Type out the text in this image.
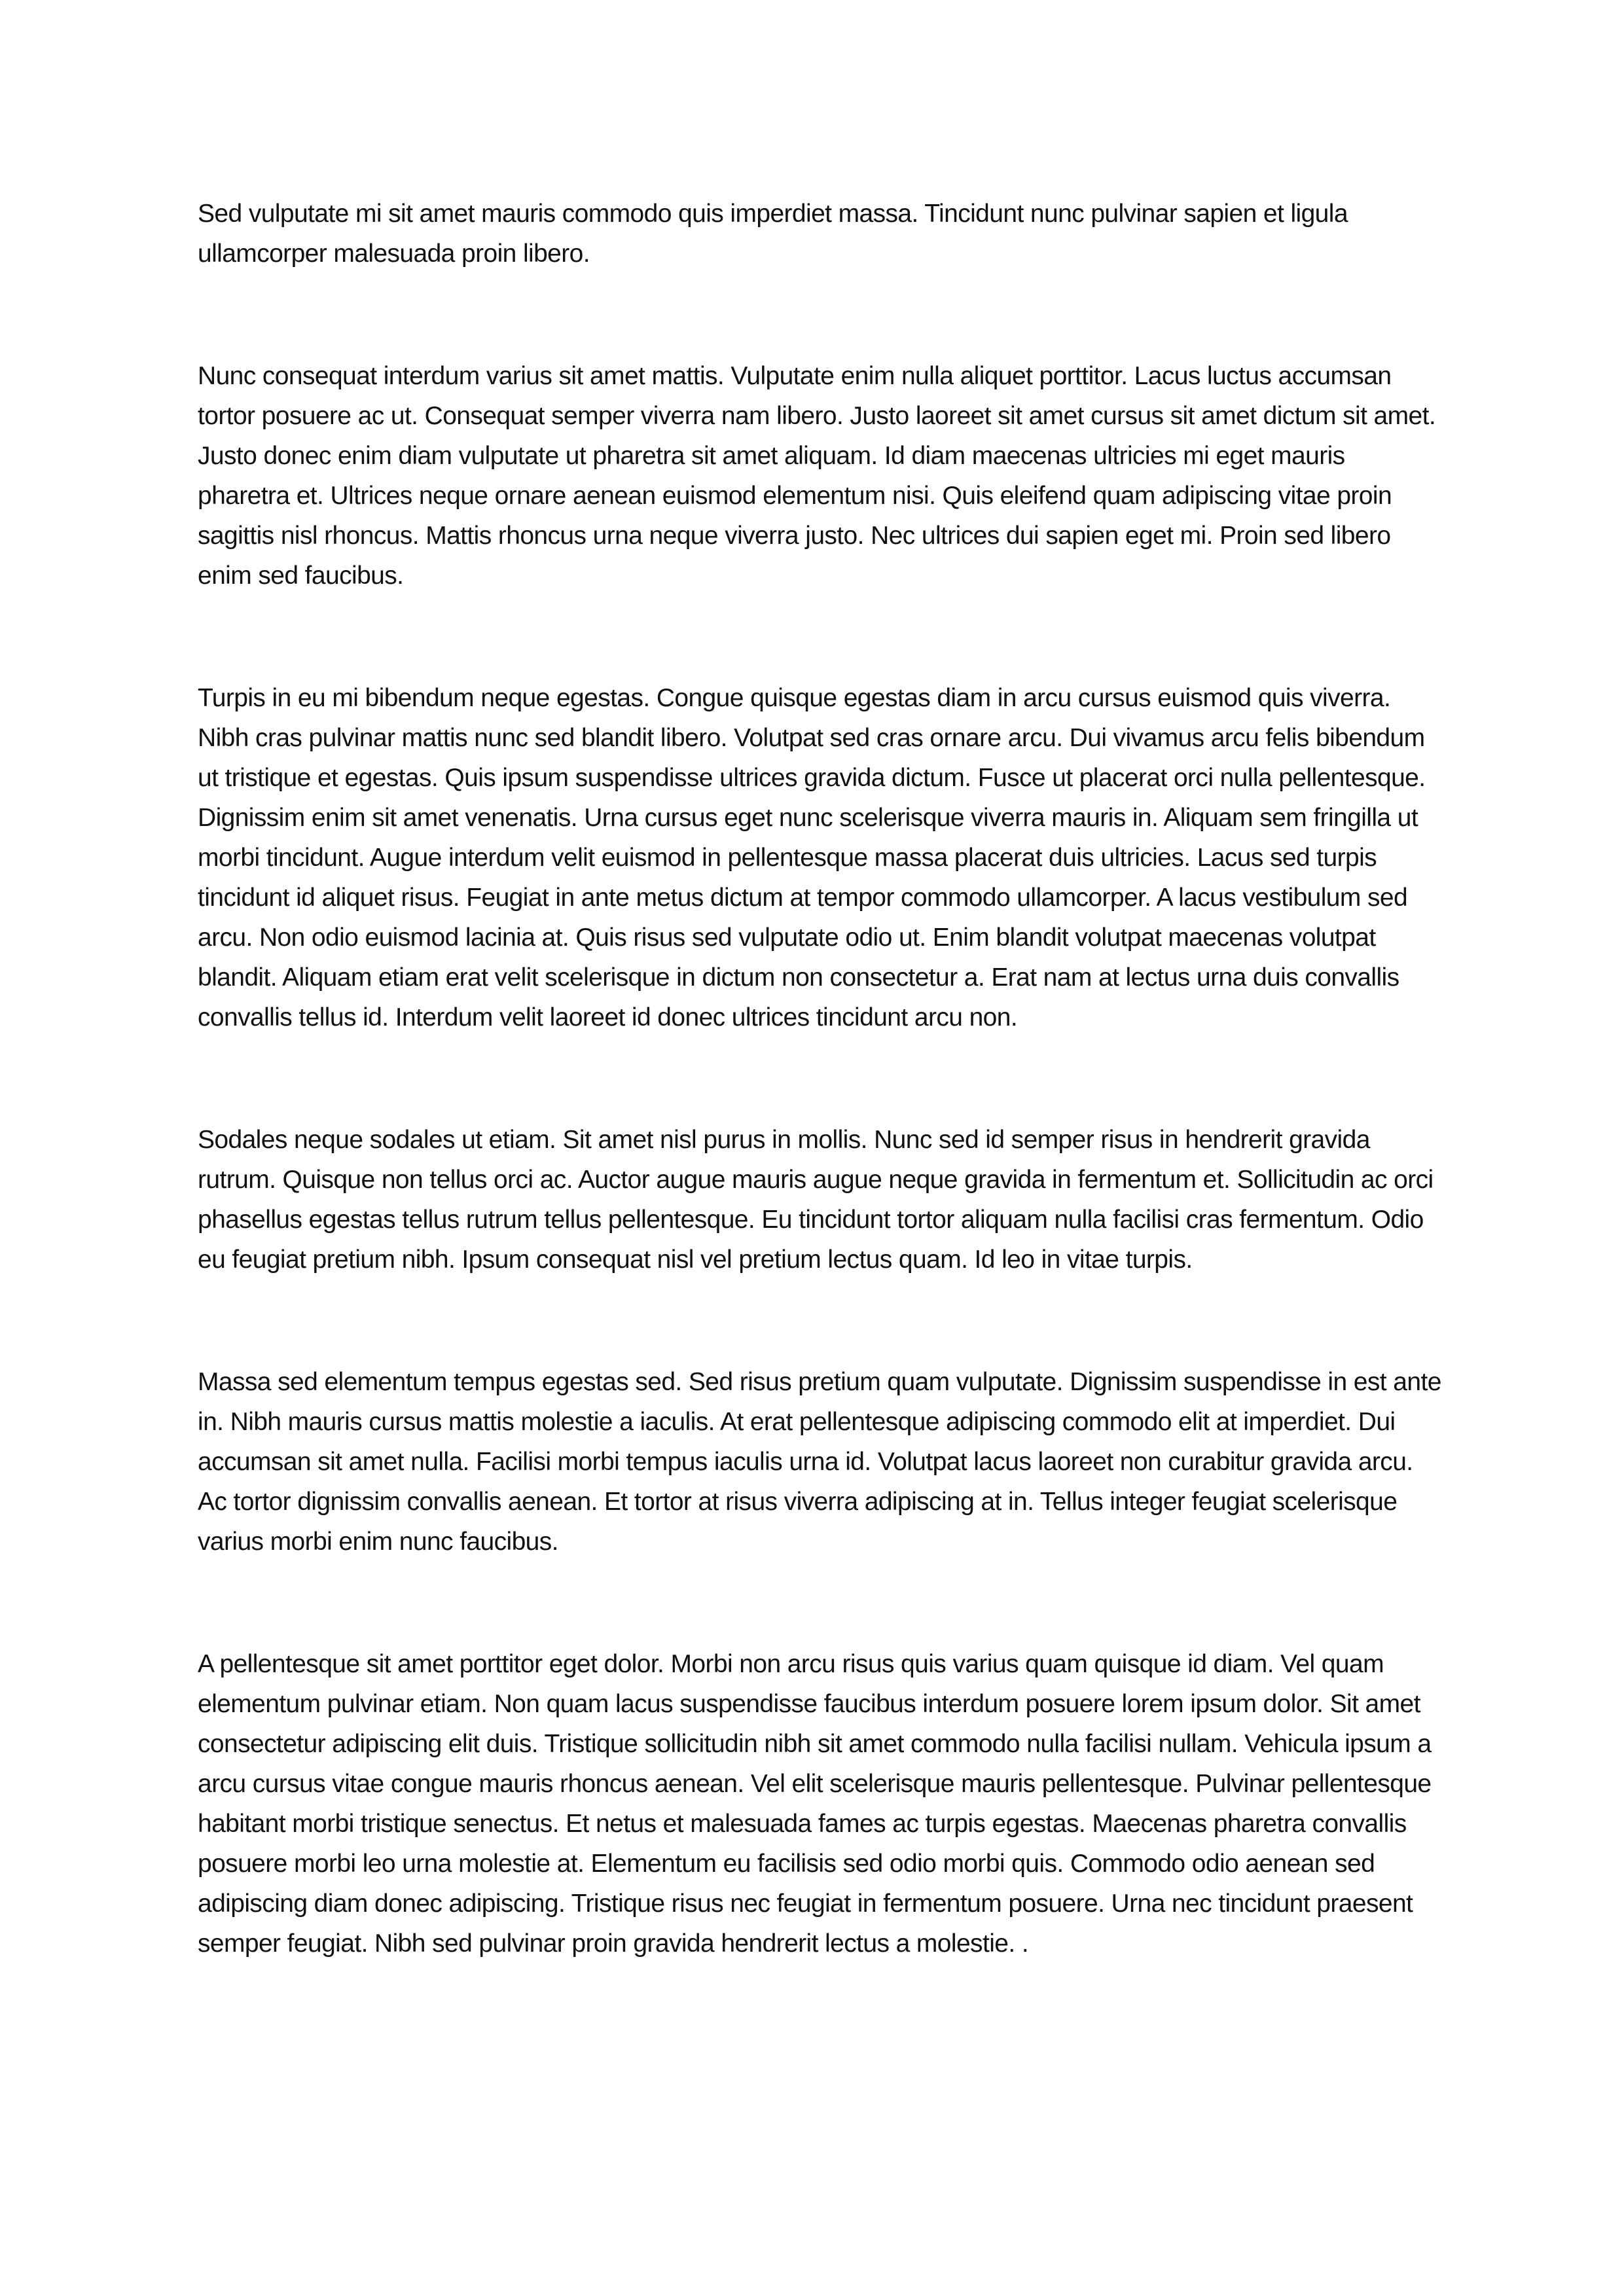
Sed vulputate mi sit amet mauris commodo quis imperdiet massa. Tincidunt nunc pulvinar sapien et ligula ullamcorper malesuada proin libero.

Nunc consequat interdum varius sit amet mattis. Vulputate enim nulla aliquet porttitor. Lacus luctus accumsan tortor posuere ac ut. Consequat semper viverra nam libero. Justo laoreet sit amet cursus sit amet dictum sit amet. Justo donec enim diam vulputate ut pharetra sit amet aliquam. Id diam maecenas ultricies mi eget mauris pharetra et. Ultrices neque ornare aenean euismod elementum nisi. Quis eleifend quam adipiscing vitae proin sagittis nisl rhoncus. Mattis rhoncus urna neque viverra justo. Nec ultrices dui sapien eget mi. Proin sed libero enim sed faucibus.

Turpis in eu mi bibendum neque egestas. Congue quisque egestas diam in arcu cursus euismod quis viverra. Nibh cras pulvinar mattis nunc sed blandit libero. Volutpat sed cras ornare arcu. Dui vivamus arcu felis bibendum ut tristique et egestas. Quis ipsum suspendisse ultrices gravida dictum. Fusce ut placerat orci nulla pellentesque. Dignissim enim sit amet venenatis. Urna cursus eget nunc scelerisque viverra mauris in. Aliquam sem fringilla ut morbi tincidunt. Augue interdum velit euismod in pellentesque massa placerat duis ultricies. Lacus sed turpis tincidunt id aliquet risus. Feugiat in ante metus dictum at tempor commodo ullamcorper. A lacus vestibulum sed arcu. Non odio euismod lacinia at. Quis risus sed vulputate odio ut. Enim blandit volutpat maecenas volutpat blandit. Aliquam etiam erat velit scelerisque in dictum non consectetur a. Erat nam at lectus urna duis convallis convallis tellus id. Interdum velit laoreet id donec ultrices tincidunt arcu non.

Sodales neque sodales ut etiam. Sit amet nisl purus in mollis. Nunc sed id semper risus in hendrerit gravida rutrum. Quisque non tellus orci ac. Auctor augue mauris augue neque gravida in fermentum et. Sollicitudin ac orci phasellus egestas tellus rutrum tellus pellentesque. Eu tincidunt tortor aliquam nulla facilisi cras fermentum. Odio eu feugiat pretium nibh. Ipsum consequat nisl vel pretium lectus quam. Id leo in vitae turpis.

Massa sed elementum tempus egestas sed. Sed risus pretium quam vulputate. Dignissim suspendisse in est ante in. Nibh mauris cursus mattis molestie a iaculis. At erat pellentesque adipiscing commodo elit at imperdiet. Dui accumsan sit amet nulla. Facilisi morbi tempus iaculis urna id. Volutpat lacus laoreet non curabitur gravida arcu. Ac tortor dignissim convallis aenean. Et tortor at risus viverra adipiscing at in. Tellus integer feugiat scelerisque varius morbi enim nunc faucibus.

A pellentesque sit amet porttitor eget dolor. Morbi non arcu risus quis varius quam quisque id diam. Vel quam elementum pulvinar etiam. Non quam lacus suspendisse faucibus interdum posuere lorem ipsum dolor. Sit amet consectetur adipiscing elit duis. Tristique sollicitudin nibh sit amet commodo nulla facilisi nullam. Vehicula ipsum a arcu cursus vitae congue mauris rhoncus aenean. Vel elit scelerisque mauris pellentesque. Pulvinar pellentesque habitant morbi tristique senectus. Et netus et malesuada fames ac turpis egestas. Maecenas pharetra convallis posuere morbi leo urna molestie at. Elementum eu facilisis sed odio morbi quis. Commodo odio aenean sed adipiscing diam donec adipiscing. Tristique risus nec feugiat in fermentum posuere. Urna nec tincidunt praesent semper feugiat. Nibh sed pulvinar proin gravida hendrerit lectus a molestie. .
